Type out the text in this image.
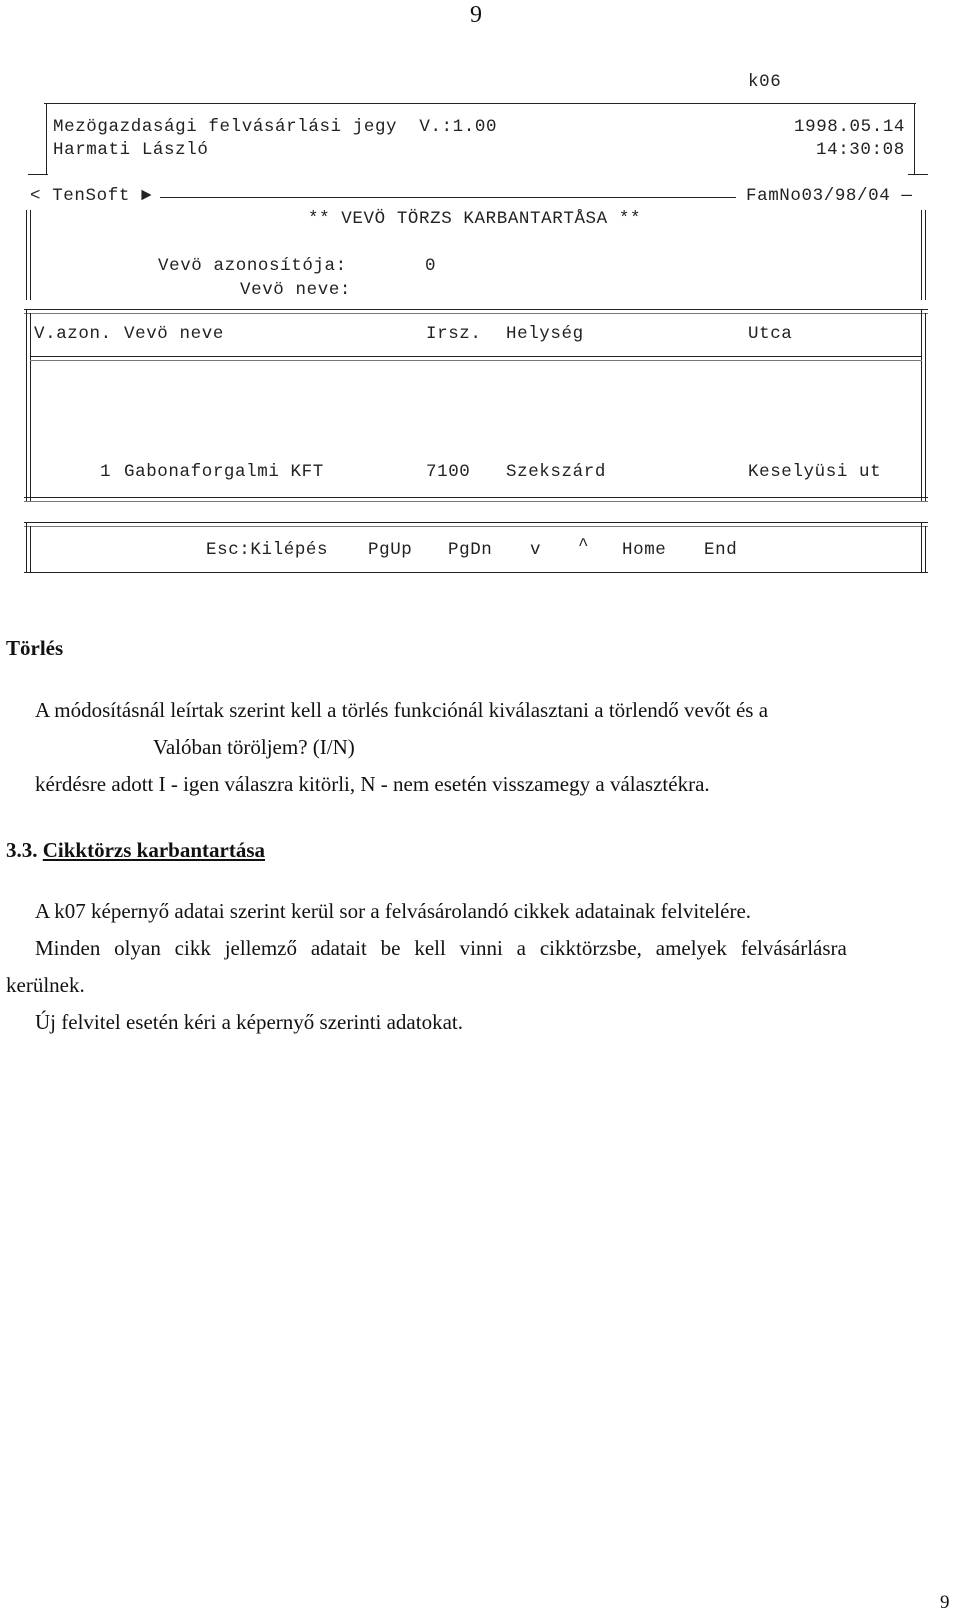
9
k06
Mezögazdasági felvásárlási jegy  V.:1.00	1998.05.14
Harmati László	14:30:08
< TenSoft ►	FamNo03/98/04 —
** VEVÖ TÖRZS KARBANTARTÅSA **
Vevö azonosítója:	0
Vevö neve:
V.azon. Vevö neve	Irsz. Helység	Utca
1 Gabonaforgalmi KFT	7100 Szekszárd	Keselyüsi ut
Esc:Kilépés PgUp PgDn v ^ Home End
Törlés
A módosításnál leírtak szerint kell a törlés funkciónál kiválasztani a törlendő vevőt és a
Valóban töröljem? (I/N)
kérdésre adott I - igen válaszra kitörli, N - nem esetén visszamegy a választékra.
3.3. Cikktörzs karbantartása
A k07 képernyő adatai szerint kerül sor a felvásárolandó cikkek adatainak felvitelére.
Minden olyan cikk jellemző adatait be kell vinni a cikktörzsbe, amelyek felvásárlásra
kerülnek.
Új felvitel esetén kéri a képernyő szerinti adatokat.
9
